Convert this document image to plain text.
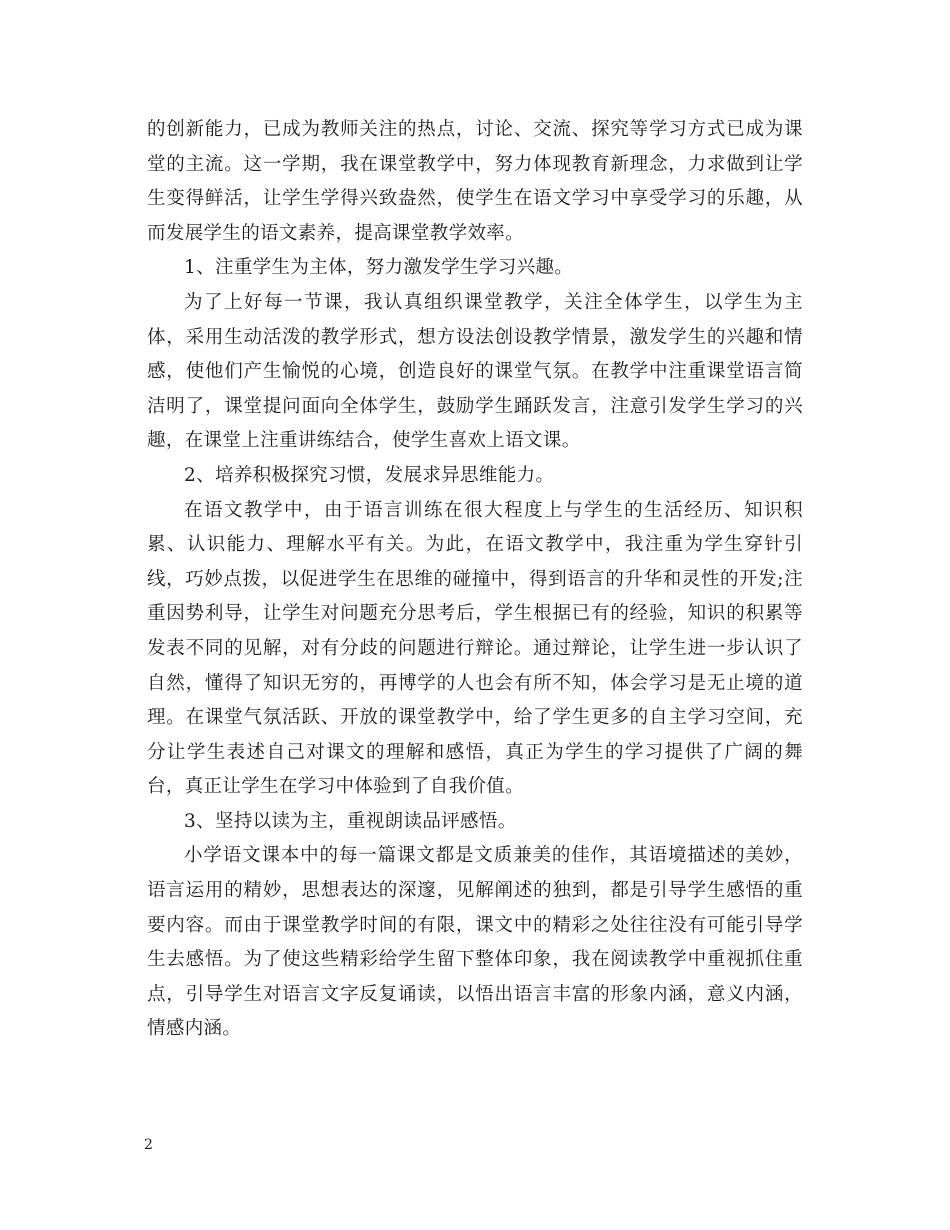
的创新能力，已成为教师关注的热点，讨论、交流、探究等学习方式已成为课堂的主流。这一学期，我在课堂教学中，努力体现教育新理念，力求做到让学生变得鲜活，让学生学得兴致盎然，使学生在语文学习中享受学习的乐趣，从而发展学生的语文素养，提高课堂教学效率。

1、注重学生为主体，努力激发学生学习兴趣。

为了上好每一节课，我认真组织课堂教学，关注全体学生，以学生为主体，采用生动活泼的教学形式，想方设法创设教学情景，激发学生的兴趣和情感，使他们产生愉悦的心境，创造良好的课堂气氛。在教学中注重课堂语言简洁明了，课堂提问面向全体学生，鼓励学生踊跃发言，注意引发学生学习的兴趣，在课堂上注重讲练结合，使学生喜欢上语文课。

2、培养积极探究习惯，发展求异思维能力。

在语文教学中，由于语言训练在很大程度上与学生的生活经历、知识积累、认识能力、理解水平有关。为此，在语文教学中，我注重为学生穿针引线，巧妙点拨，以促进学生在思维的碰撞中，得到语言的升华和灵性的开发;注重因势利导，让学生对问题充分思考后，学生根据已有的经验，知识的积累等发表不同的见解，对有分歧的问题进行辩论。通过辩论，让学生进一步认识了自然，懂得了知识无穷的，再博学的人也会有所不知，体会学习是无止境的道理。在课堂气氛活跃、开放的课堂教学中，给了学生更多的自主学习空间，充分让学生表述自己对课文的理解和感悟，真正为学生的学习提供了广阔的舞台，真正让学生在学习中体验到了自我价值。

3、坚持以读为主，重视朗读品评感悟。

小学语文课本中的每一篇课文都是文质兼美的佳作，其语境描述的美妙，语言运用的精妙，思想表达的深邃，见解阐述的独到，都是引导学生感悟的重要内容。而由于课堂教学时间的有限，课文中的精彩之处往往没有可能引导学生去感悟。为了使这些精彩给学生留下整体印象，我在阅读教学中重视抓住重点，引导学生对语言文字反复诵读，以悟出语言丰富的形象内涵，意义内涵，情感内涵。

2
